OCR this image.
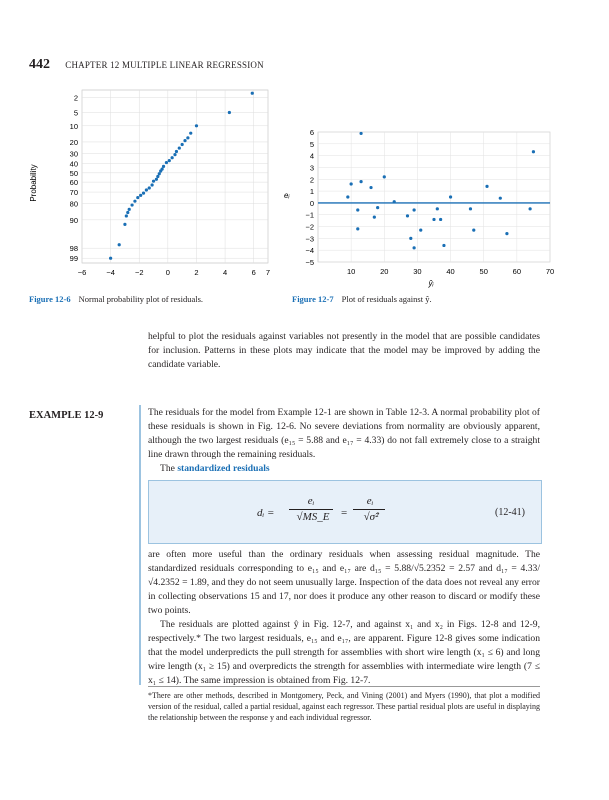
442 CHAPTER 12 MULTIPLE LINEAR REGRESSION
Probability
2
5
10
20
30
40
50
60
70
80
90
98
99
−6	−4	−2	0	2	4	6 7
Figure 12-6 Normal probability plot of residuals.
eᵢ
ŷᵢ
6
5
4
3
2
1
0
−1
−2
−3
−4
−5
10	20	30	40	50	60	70
Figure 12-7 Plot of residuals against ŷ.
helpful to plot the residuals against variables not presently in the model that are possible candidates for inclusion. Patterns in these plots may indicate that the model may be improved by adding the candidate variable.
EXAMPLE 12-9	The residuals for the model from Example 12-1 are shown in Table 12-3. A normal probability plot of these residuals is shown in Fig. 12-6. No severe deviations from normality are obviously apparent, although the two largest residuals (e₁₅ = 5.88 and e₁₇ = 4.33) do not fall extremely close to a straight line drawn through the remaining residuals.
The standardized residuals
dᵢ =
eᵢ
√MS_E	=
eᵢ
√σ̂²	(12-41)
are often more useful than the ordinary residuals when assessing residual magnitude. The standardized residuals corresponding to e₁₅ and e₁₇ are d₁₅ = 5.88/√5.2352 = 2.57 and d₁₇ = 4.33/√4.2352 = 1.89, and they do not seem unusually large. Inspection of the data does not reveal any error in collecting observations 15 and 17, nor does it produce any other reason to discard or modify these two points.
The residuals are plotted against ŷ in Fig. 12-7, and against x₁ and x₂ in Figs. 12-8 and 12-9, respectively.* The two largest residuals, e₁₅ and e₁₇, are apparent. Figure 12-8 gives some indication that the model underpredicts the pull strength for assemblies with short wire length (x₁ ≤ 6) and long wire length (x₁ ≥ 15) and overpredicts the strength for assemblies with intermediate wire length (7 ≤ x₁ ≤ 14). The same impression is obtained from Fig. 12-7.
*There are other methods, described in Montgomery, Peck, and Vining (2001) and Myers (1990), that plot a modified version of the residual, called a partial residual, against each regressor. These partial residual plots are useful in displaying the relationship between the response y and each individual regressor.
